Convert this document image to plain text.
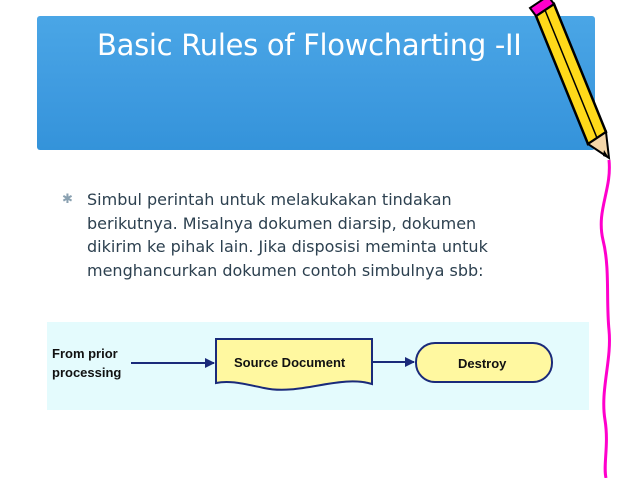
Basic Rules of Flowcharting -II
✱ Simbul perintah untuk melakukakan tindakan
berikutnya. Misalnya dokumen diarsip, dokumen
dikirim ke pihak lain. Jika disposisi meminta untuk
menghancurkan dokumen contoh simbulnya sbb:
From prior
processing
Source Document	Destroy
